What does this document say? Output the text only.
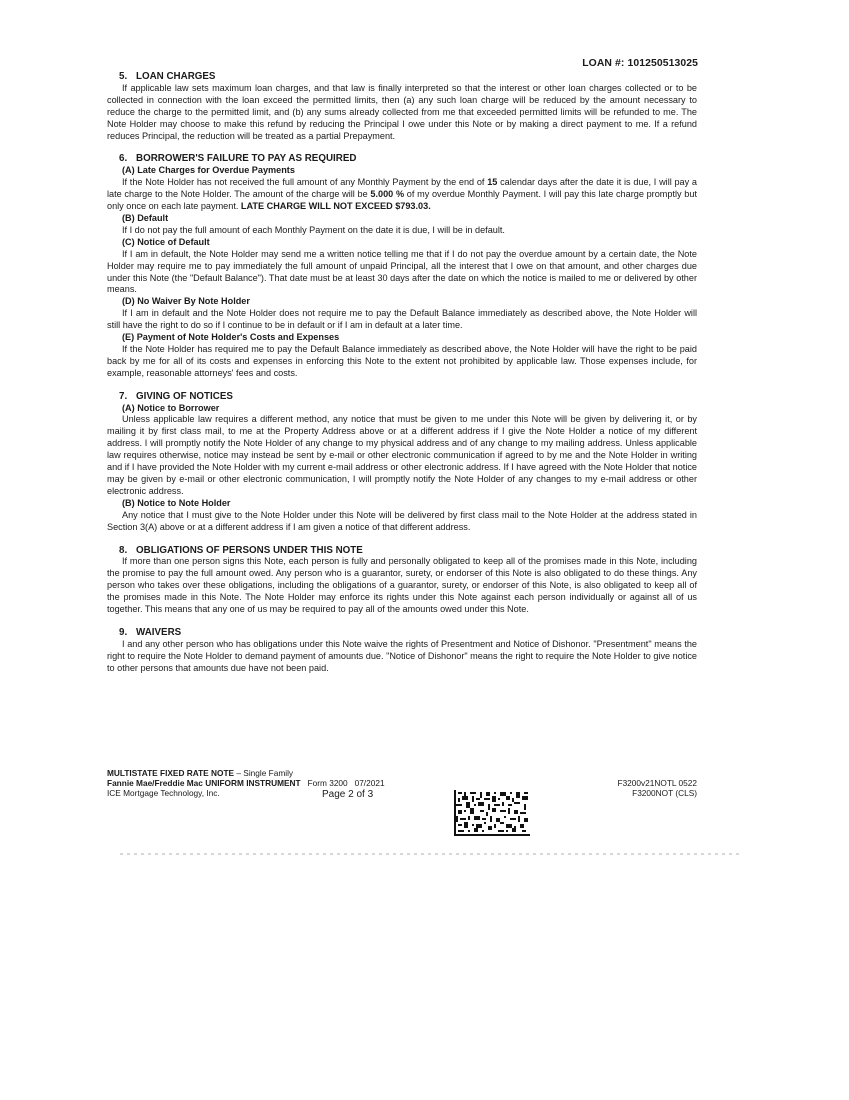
LOAN #: 101250513025

5. LOAN CHARGES

If applicable law sets maximum loan charges, and that law is finally interpreted so that the interest or other loan charges collected or to be collected in connection with the loan exceed the permitted limits, then (a) any such loan charge will be reduced by the amount necessary to reduce the charge to the permitted limit, and (b) any sums already collected from me that exceeded permitted limits will be refunded to me. The Note Holder may choose to make this refund by reducing the Principal I owe under this Note or by making a direct payment to me. If a refund reduces Principal, the reduction will be treated as a partial Prepayment.

6. BORROWER'S FAILURE TO PAY AS REQUIRED

(A) Late Charges for Overdue Payments

If the Note Holder has not received the full amount of any Monthly Payment by the end of 15 calendar days after the date it is due, I will pay a late charge to the Note Holder. The amount of the charge will be 5.000 % of my overdue Monthly Payment. I will pay this late charge promptly but only once on each late payment. LATE CHARGE WILL NOT EXCEED $793.03.

(B) Default

If I do not pay the full amount of each Monthly Payment on the date it is due, I will be in default.

(C) Notice of Default

If I am in default, the Note Holder may send me a written notice telling me that if I do not pay the overdue amount by a certain date, the Note Holder may require me to pay immediately the full amount of unpaid Principal, all the interest that I owe on that amount, and other charges due under this Note (the "Default Balance"). That date must be at least 30 days after the date on which the notice is mailed to me or delivered by other means.

(D) No Waiver By Note Holder

If I am in default and the Note Holder does not require me to pay the Default Balance immediately as described above, the Note Holder will still have the right to do so if I continue to be in default or if I am in default at a later time.

(E) Payment of Note Holder's Costs and Expenses

If the Note Holder has required me to pay the Default Balance immediately as described above, the Note Holder will have the right to be paid back by me for all of its costs and expenses in enforcing this Note to the extent not prohibited by applicable law. Those expenses include, for example, reasonable attorneys' fees and costs.

7. GIVING OF NOTICES

(A) Notice to Borrower

Unless applicable law requires a different method, any notice that must be given to me under this Note will be given by delivering it, or by mailing it by first class mail, to me at the Property Address above or at a different address if I give the Note Holder a notice of my different address. I will promptly notify the Note Holder of any change to my physical address and of any change to my mailing address. Unless applicable law requires otherwise, notice may instead be sent by e-mail or other electronic communication if agreed to by me and the Note Holder in writing and if I have provided the Note Holder with my current e-mail address or other electronic address. If I have agreed with the Note Holder that notice may be given by e-mail or other electronic communication, I will promptly notify the Note Holder of any changes to my e-mail address or other electronic address.

(B) Notice to Note Holder

Any notice that I must give to the Note Holder under this Note will be delivered by first class mail to the Note Holder at the address stated in Section 3(A) above or at a different address if I am given a notice of that different address.

8. OBLIGATIONS OF PERSONS UNDER THIS NOTE

If more than one person signs this Note, each person is fully and personally obligated to keep all of the promises made in this Note, including the promise to pay the full amount owed. Any person who is a guarantor, surety, or endorser of this Note is also obligated to do these things. Any person who takes over these obligations, including the obligations of a guarantor, surety, or endorser of this Note, is also obligated to keep all of the promises made in this Note. The Note Holder may enforce its rights under this Note against each person individually or against all of us together. This means that any one of us may be required to pay all of the amounts owed under this Note.

9. WAIVERS

I and any other person who has obligations under this Note waive the rights of Presentment and Notice of Dishonor. "Presentment" means the right to require the Note Holder to demand payment of amounts due. "Notice of Dishonor" means the right to require the Note Holder to give notice to other persons that amounts due have not been paid.

MULTISTATE FIXED RATE NOTE – Single Family
Fannie Mae/Freddie Mac UNIFORM INSTRUMENT   Form 3200   07/2021
ICE Mortgage Technology, Inc.	Page 2 of 3
F3200v21NOTL 0522
F3200NOT (CLS)
